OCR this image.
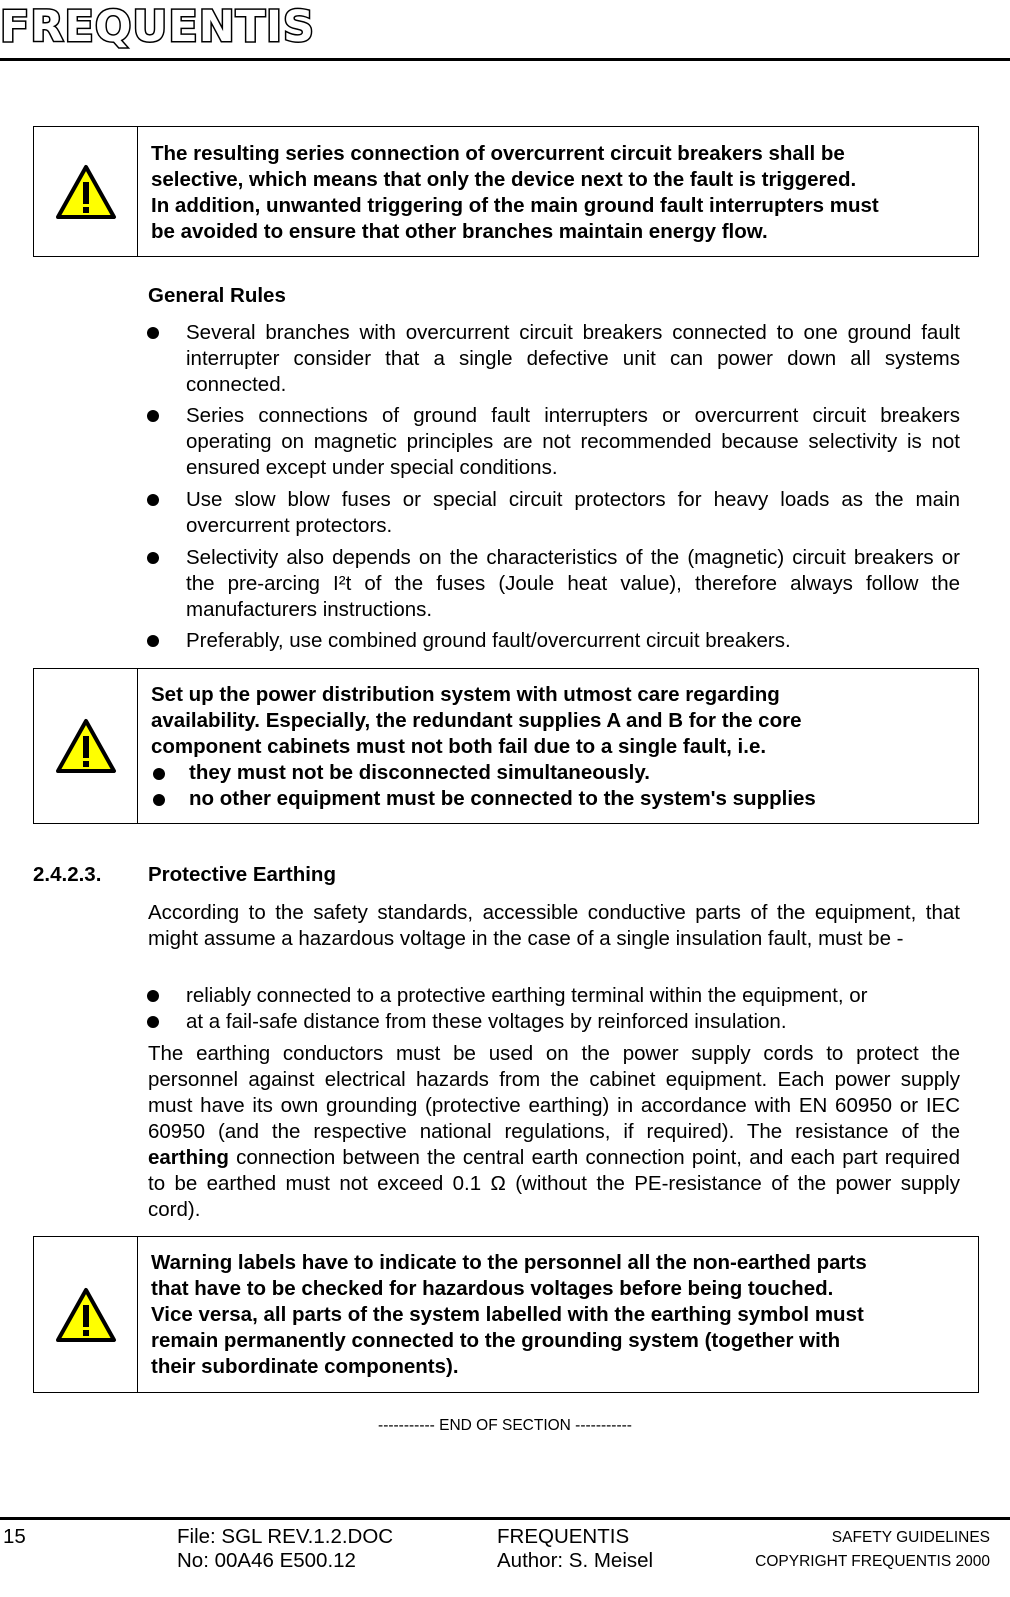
FREQUENTIS
The resulting series connection of overcurrent circuit breakers shall be
selective, which means that only the device next to the fault is triggered.
In addition, unwanted triggering of the main ground fault interrupters must
be avoided to ensure that other branches maintain energy flow.
General Rules
Several branches with overcurrent circuit breakers connected to one ground fault interrupter consider that a single defective unit can power down all systems connected.
Series connections of ground fault interrupters or overcurrent circuit breakers operating on magnetic principles are not recommended because selectivity is not ensured except under special conditions.
Use slow blow fuses or special circuit protectors for heavy loads as the main overcurrent protectors.
Selectivity also depends on the characteristics of the (magnetic) circuit breakers or the pre-arcing I²t of the fuses (Joule heat value), therefore always follow the manufacturers instructions.
Preferably, use combined ground fault/overcurrent circuit breakers.
Set up the power distribution system with utmost care regarding
availability. Especially, the redundant supplies A and B for the core
component cabinets must not both fail due to a single fault, i.e.
they must not be disconnected simultaneously.
no other equipment must be connected to the system's supplies
2.4.2.3. Protective Earthing
According to the safety standards, accessible conductive parts of the equipment, that might assume a hazardous voltage in the case of a single insulation fault, must be -
reliably connected to a protective earthing terminal within the equipment, or
at a fail-safe distance from these voltages by reinforced insulation.
The earthing conductors must be used on the power supply cords to protect the personnel against electrical hazards from the cabinet equipment. Each power supply must have its own grounding (protective earthing) in accordance with EN 60950 or IEC 60950 (and the respective national regulations, if required). The resistance of the earthing connection between the central earth connection point, and each part required to be earthed must not exceed 0.1 Ω (without the PE-resistance of the power supply cord).
Warning labels have to indicate to the personnel all the non-earthed parts
that have to be checked for hazardous voltages before being touched.
Vice versa, all parts of the system labelled with the earthing symbol must
remain permanently connected to the grounding system (together with
their subordinate components).
----------- END OF SECTION -----------
15	File: SGL REV.1.2.DOC
No: 00A46 E500.12
FREQUENTIS
Author: S. Meisel
SAFETY GUIDELINES
COPYRIGHT FREQUENTIS 2000
